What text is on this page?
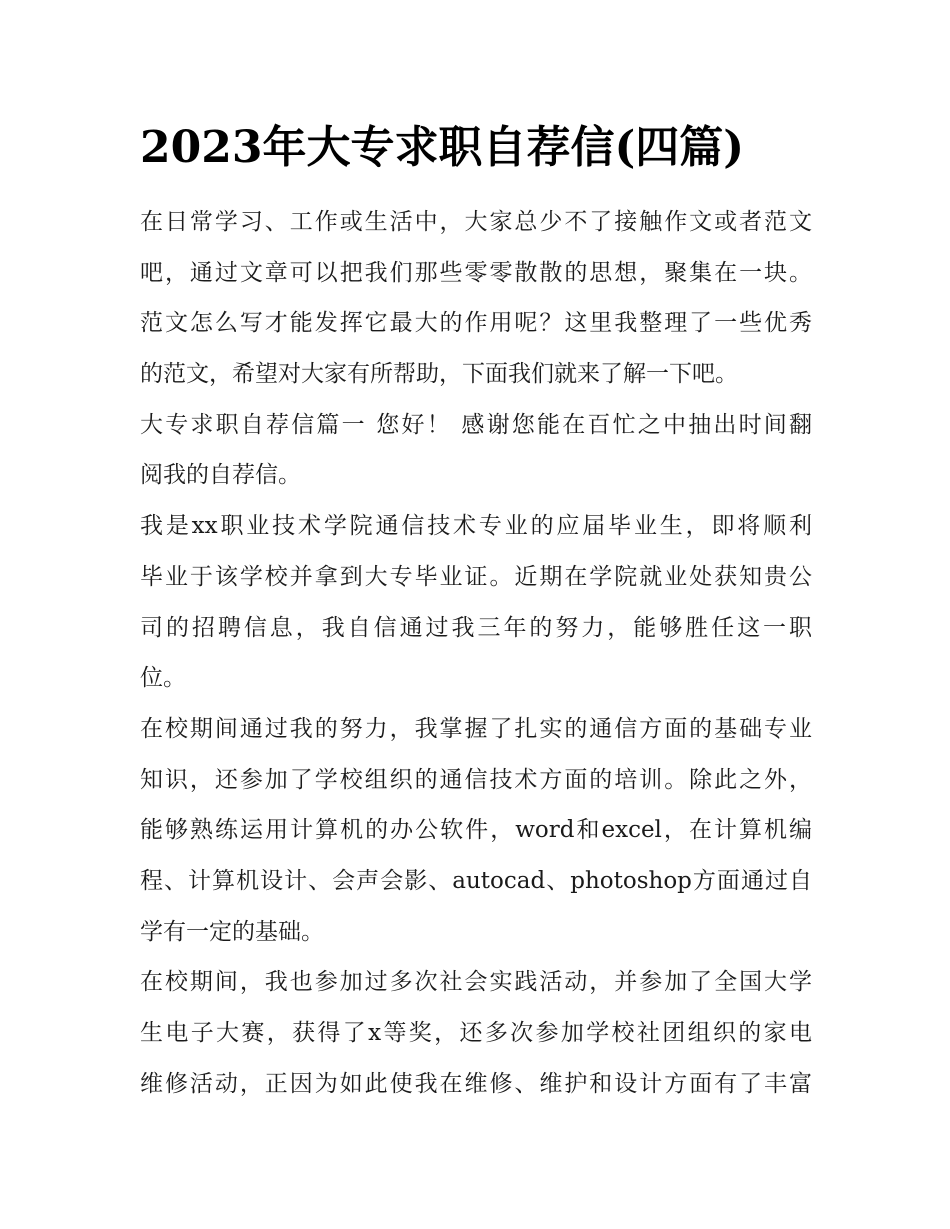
2023年大专求职自荐信(四篇)
在日常学习、工作或生活中，大家总少不了接触作文或者范文
吧，通过文章可以把我们那些零零散散的思想，聚集在一块。
范文怎么写才能发挥它最大的作用呢？这里我整理了一些优秀
的范文，希望对大家有所帮助，下面我们就来了解一下吧。
大专求职自荐信篇一 您好！ 感谢您能在百忙之中抽出时间翻
阅我的自荐信。
我是xx职业技术学院通信技术专业的应届毕业生，即将顺利
毕业于该学校并拿到大专毕业证。近期在学院就业处获知贵公
司的招聘信息，我自信通过我三年的努力，能够胜任这一职
位。
在校期间通过我的努力，我掌握了扎实的通信方面的基础专业
知识，还参加了学校组织的通信技术方面的培训。除此之外，
能够熟练运用计算机的办公软件，word和excel，在计算机编
程、计算机设计、会声会影、autocad、photoshop方面通过自
学有一定的基础。
在校期间，我也参加过多次社会实践活动，并参加了全国大学
生电子大赛，获得了x等奖，还多次参加学校社团组织的家电
维修活动，正因为如此使我在维修、维护和设计方面有了丰富
